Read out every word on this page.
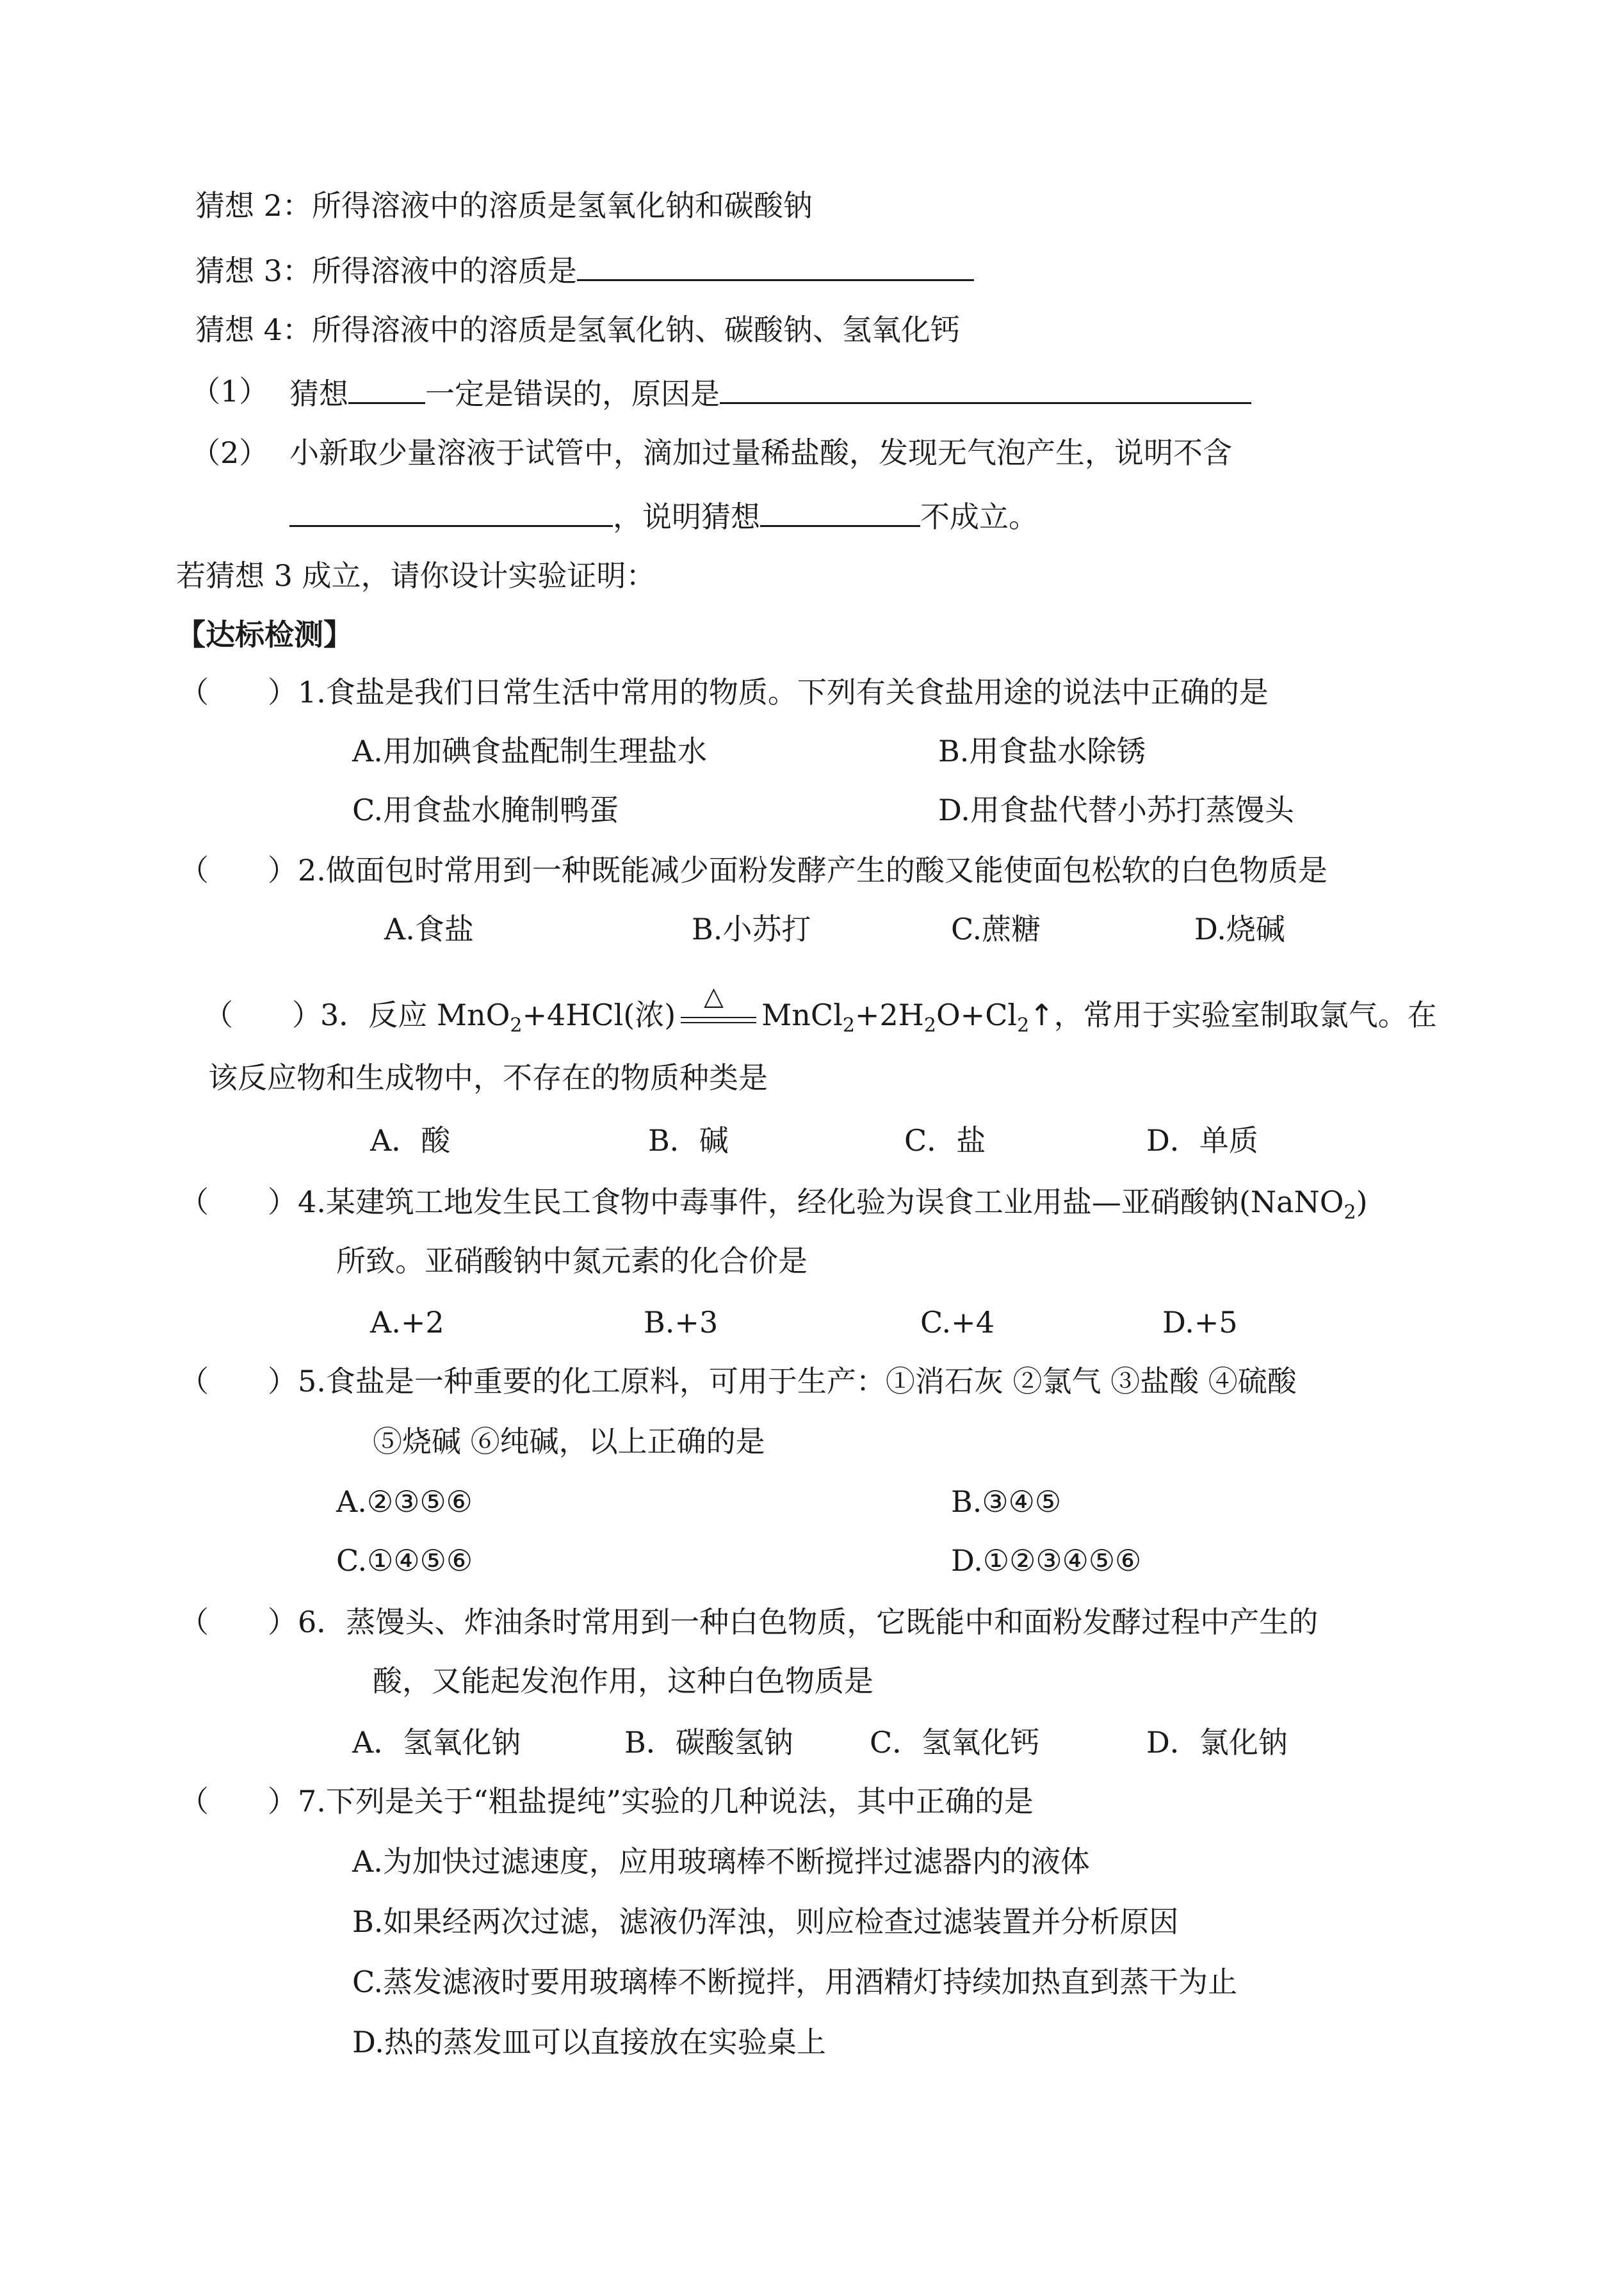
猜想 2：所得溶液中的溶质是氢氧化钠和碳酸钠
猜想 3：所得溶液中的溶质是
猜想 4：所得溶液中的溶质是氢氧化钠、碳酸钠、氢氧化钙
（1） 猜想	一定是错误的，原因是
（2） 小新取少量溶液于试管中，滴加过量稀盐酸，发现无气泡产生，说明不含
，说明猜想	不成立。
若猜想 3 成立，请你设计实验证明：
【达标检测】
（　　） 1.食盐是我们日常生活中常用的物质。下列有关食盐用途的说法中正确的是
A.用加碘食盐配制生理盐水	B.用食盐水除锈
C.用食盐水腌制鸭蛋	D.用食盐代替小苏打蒸馒头
（　　） 2.做面包时常用到一种既能减少面粉发酵产生的酸又能使面包松软的白色物质是
A.食盐	B.小苏打	C.蔗糖	D.烧碱
（　　）
3．反应 MnO$_2$+4HCl(浓)
△
$MnCl_2+2H_2O+Cl_2↑$，常用于实验室制取氯气。在
该反应物和生成物中，不存在的物质种类是
A．酸	B．碱	C．盐	D．单质
（　　） 4.某建筑工地发生民工食物中毒事件，经化验为误食工业用盐—亚硝酸钠(NaNO$_2$)
所致。亚硝酸钠中氮元素的化合价是
A.+2	B.+3	C.+4	D.+5
（　　） 5.食盐是一种重要的化工原料，可用于生产：①消石灰 ②氯气 ③盐酸 ④硫酸
⑤烧碱 ⑥纯碱，以上正确的是
A.②③⑤⑥	B.③④⑤
C.①④⑤⑥	D.①②③④⑤⑥
（　　） 6．蒸馒头、炸油条时常用到一种白色物质，它既能中和面粉发酵过程中产生的
酸，又能起发泡作用，这种白色物质是
A．氢氧化钠	B．碳酸氢钠	C．氢氧化钙	D．氯化钠
（　　） 7.下列是关于“粗盐提纯”实验的几种说法，其中正确的是
A.为加快过滤速度，应用玻璃棒不断搅拌过滤器内的液体
B.如果经两次过滤，滤液仍浑浊，则应检查过滤装置并分析原因
C.蒸发滤液时要用玻璃棒不断搅拌，用酒精灯持续加热直到蒸干为止
D.热的蒸发皿可以直接放在实验桌上
